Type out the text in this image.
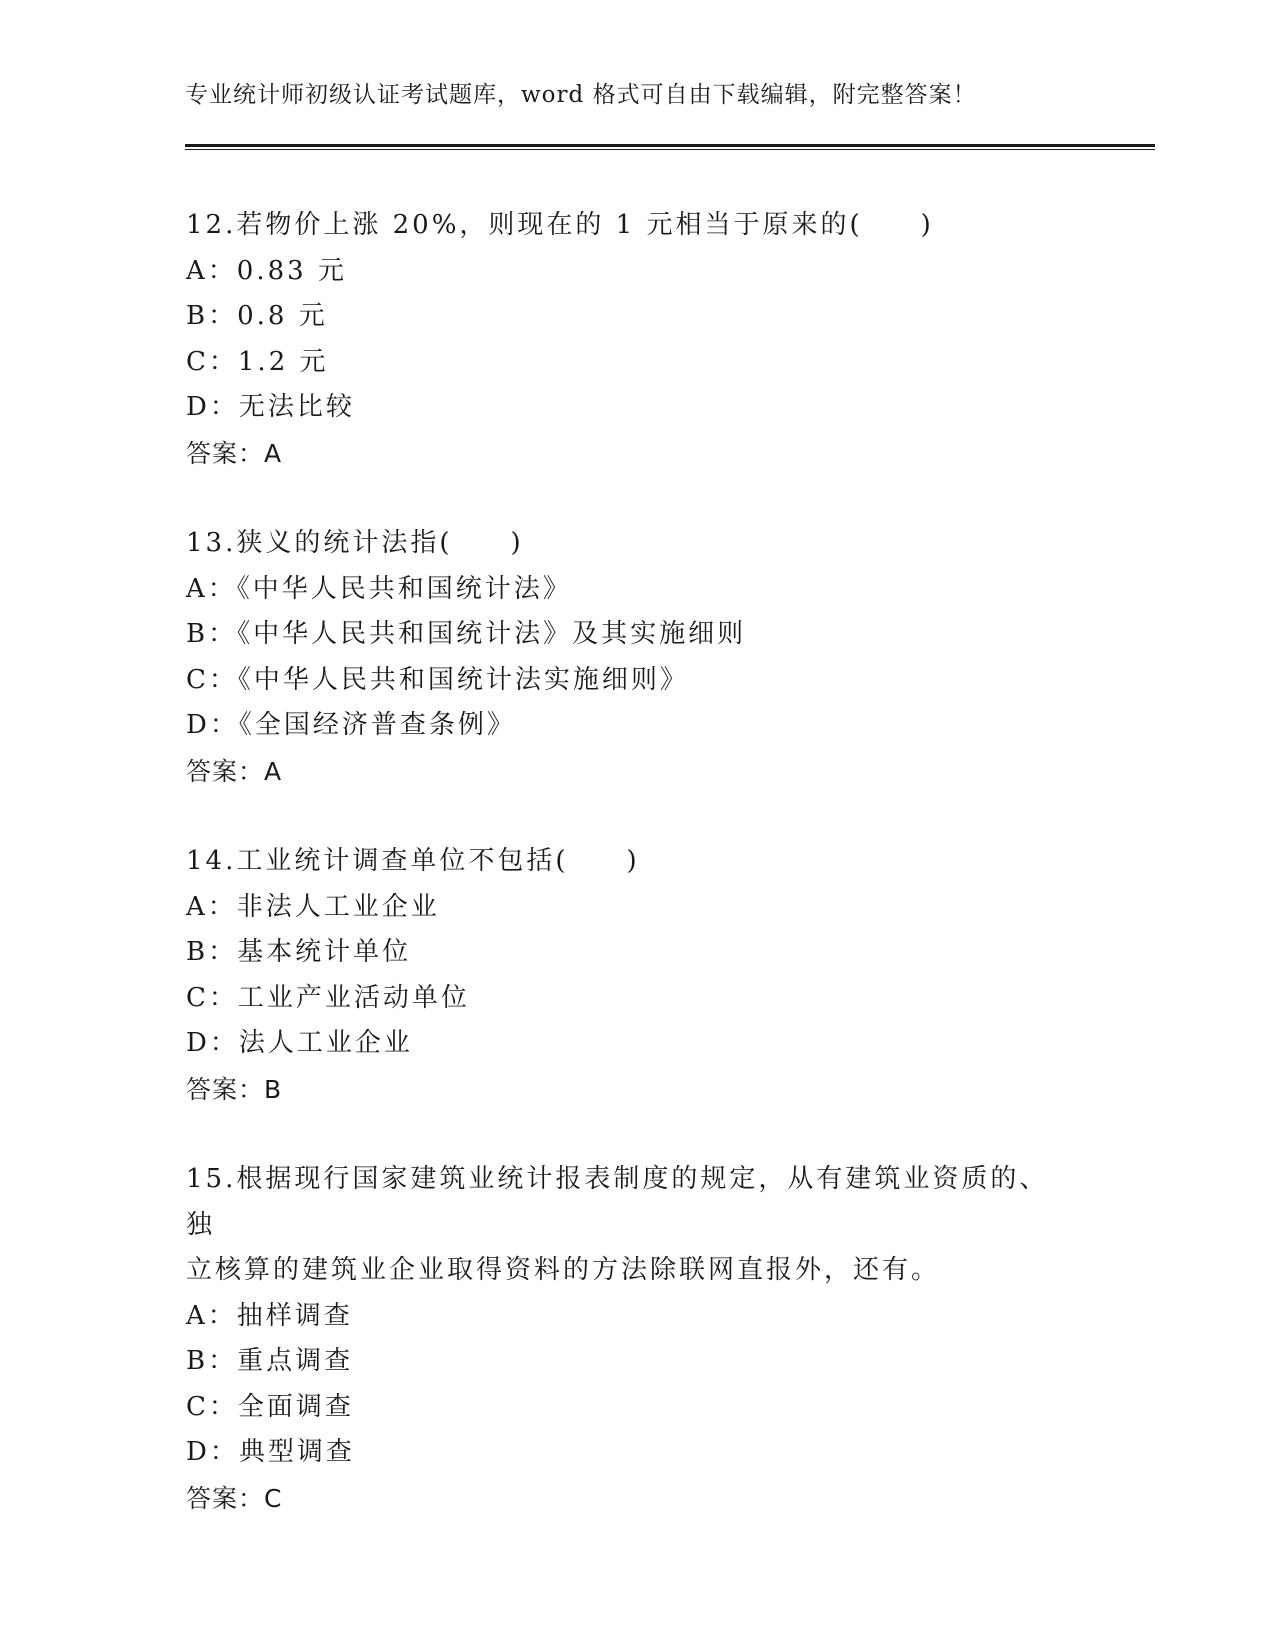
专业统计师初级认证考试题库，word 格式可自由下载编辑，附完整答案！
12.若物价上涨 20%，则现在的 1 元相当于原来的(　　)
A：0.83 元
B：0.8 元
C：1.2 元
D：无法比较
答案：A
13.狭义的统计法指(　　)
A：《中华人民共和国统计法》
B：《中华人民共和国统计法》及其实施细则
C：《中华人民共和国统计法实施细则》
D：《全国经济普查条例》
答案：A
14.工业统计调查单位不包括(　　)
A：非法人工业企业
B：基本统计单位
C：工业产业活动单位
D：法人工业企业
答案：B
15.根据现行国家建筑业统计报表制度的规定，从有建筑业资质的、独
立核算的建筑业企业取得资料的方法除联网直报外，还有。
A：抽样调查
B：重点调查
C：全面调查
D：典型调查
答案：C
